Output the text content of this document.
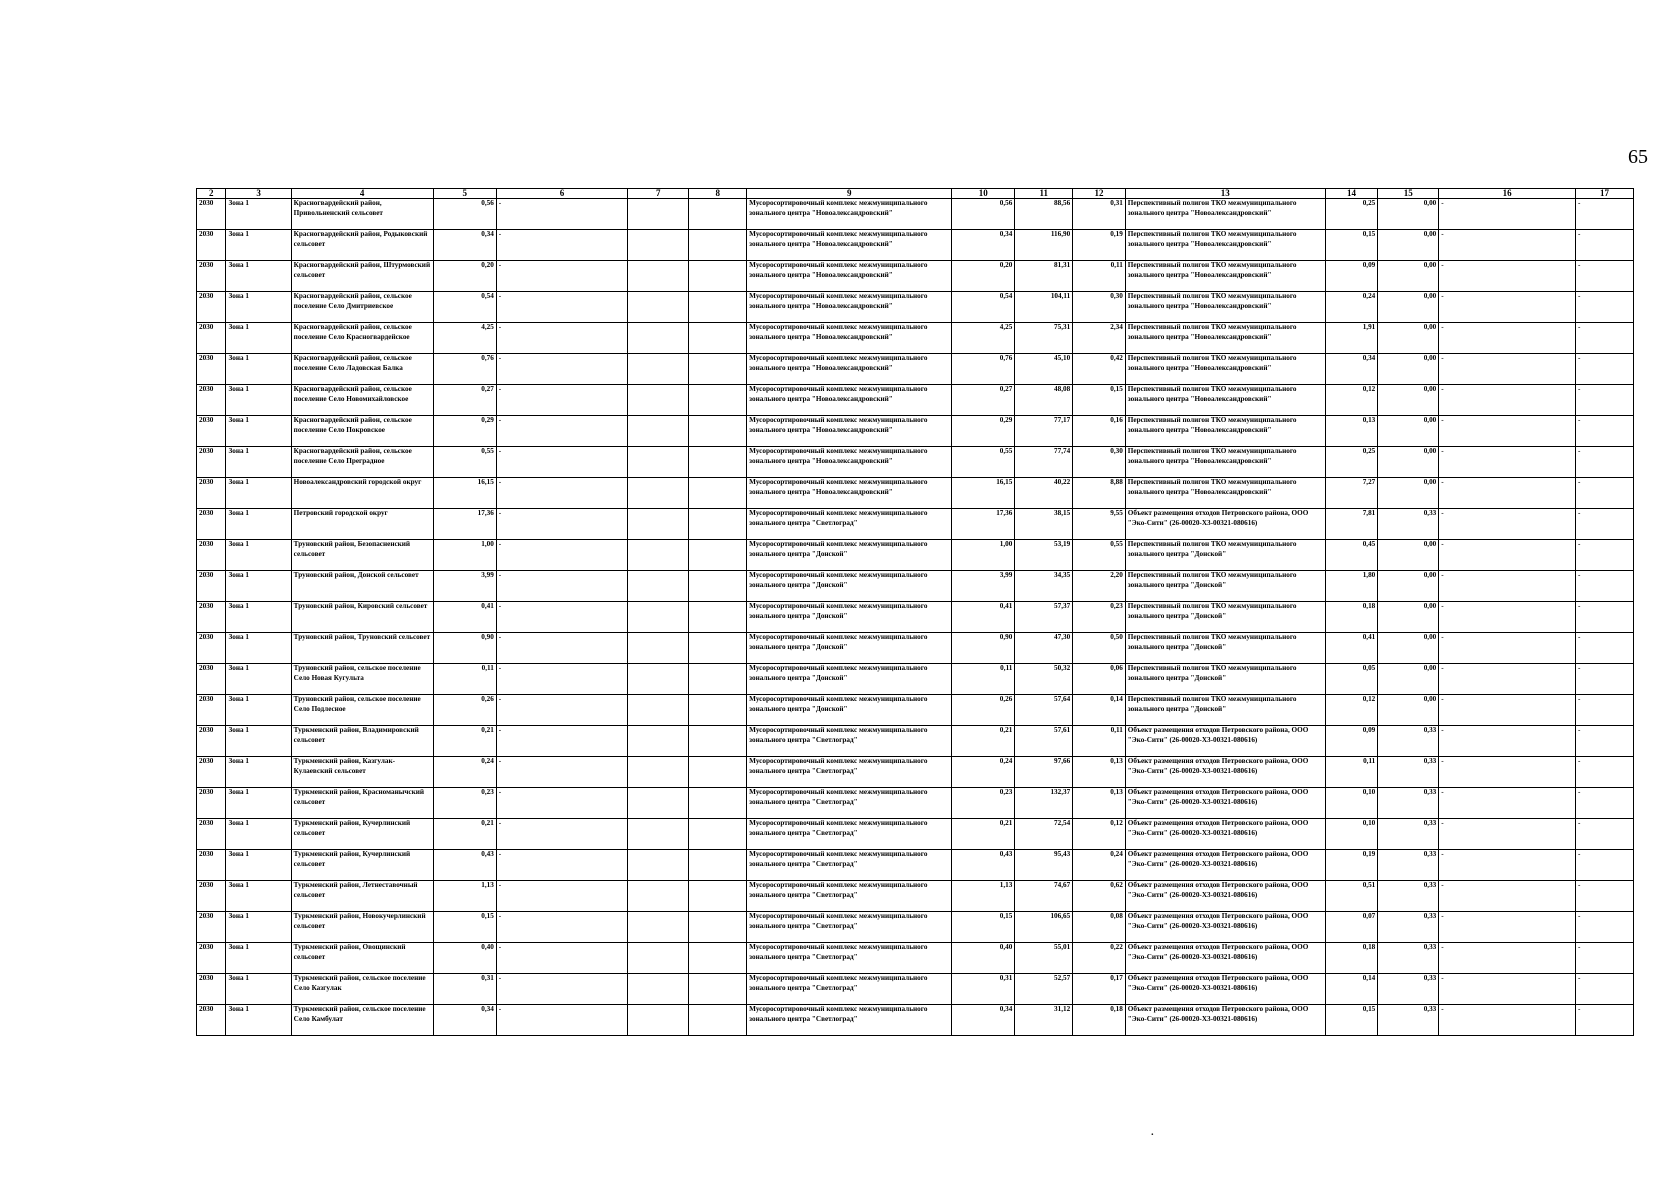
65
2	3	4	5	6	7	8	9	10	11	12	13	14	15	16	17
2030	Зона 1	Красногвардейский район, Привольненский сельсовет	0,56	-			Мусоросортировочный комплекс межмуниципального зонального центра "Новоалександровский"	0,56	88,56	0,31	Перспективный полигон ТКО межмуниципального зонального центра "Новоалександровский"	0,25	0,00	-	-
2030	Зона 1	Красногвардейский район, Родыковский сельсовет	0,34	-			Мусоросортировочный комплекс межмуниципального зонального центра "Новоалександровский"	0,34	116,90	0,19	Перспективный полигон ТКО межмуниципального зонального центра "Новоалександровский"	0,15	0,00	-	-
2030	Зона 1	Красногвардейский район, Штурмовский сельсовет	0,20	-			Мусоросортировочный комплекс межмуниципального зонального центра "Новоалександровский"	0,20	81,31	0,11	Перспективный полигон ТКО межмуниципального зонального центра "Новоалександровский"	0,09	0,00	-	-
2030	Зона 1	Красногвардейский район, сельское поселение Село Дмитриевское	0,54	-			Мусоросортировочный комплекс межмуниципального зонального центра "Новоалександровский"	0,54	104,11	0,30	Перспективный полигон ТКО межмуниципального зонального центра "Новоалександровский"	0,24	0,00	-	-
2030	Зона 1	Красногвардейский район, сельское поселение Село Красногвардейское	4,25	-			Мусоросортировочный комплекс межмуниципального зонального центра "Новоалександровский"	4,25	75,31	2,34	Перспективный полигон ТКО межмуниципального зонального центра "Новоалександровский"	1,91	0,00	-	-
2030	Зона 1	Красногвардейский район, сельское поселение Село Ладовская Балка	0,76	-			Мусоросортировочный комплекс межмуниципального зонального центра "Новоалександровский"	0,76	45,10	0,42	Перспективный полигон ТКО межмуниципального зонального центра "Новоалександровский"	0,34	0,00	-	-
2030	Зона 1	Красногвардейский район, сельское поселение Село Новомихайловское	0,27	-			Мусоросортировочный комплекс межмуниципального зонального центра "Новоалександровский"	0,27	48,08	0,15	Перспективный полигон ТКО межмуниципального зонального центра "Новоалександровский"	0,12	0,00	-	-
2030	Зона 1	Красногвардейский район, сельское поселение Село Покровское	0,29	-			Мусоросортировочный комплекс межмуниципального зонального центра "Новоалександровский"	0,29	77,17	0,16	Перспективный полигон ТКО межмуниципального зонального центра "Новоалександровский"	0,13	0,00	-	-
2030	Зона 1	Красногвардейский район, сельское поселение Село Преградное	0,55	-			Мусоросортировочный комплекс межмуниципального зонального центра "Новоалександровский"	0,55	77,74	0,30	Перспективный полигон ТКО межмуниципального зонального центра "Новоалександровский"	0,25	0,00	-	-
2030	Зона 1	Новоалександровский городской округ	16,15	-			Мусоросортировочный комплекс межмуниципального зонального центра "Новоалександровский"	16,15	40,22	8,88	Перспективный полигон ТКО межмуниципального зонального центра "Новоалександровский"	7,27	0,00	-	-
2030	Зона 1	Петровский городской округ	17,36	-			Мусоросортировочный комплекс межмуниципального зонального центра "Светлоград"	17,36	38,15	9,55	Объект размещения отходов Петровского района, ООО "Эко-Сити" (26-00020-Х3-00321-080616)	7,81	0,33	-	-
2030	Зона 1	Труновский район, Безопасненский сельсовет	1,00	-			Мусоросортировочный комплекс межмуниципального зонального центра "Донской"	1,00	53,19	0,55	Перспективный полигон ТКО межмуниципального зонального центра "Донской"	0,45	0,00	-	-
2030	Зона 1	Труновский район, Донской сельсовет	3,99	-			Мусоросортировочный комплекс межмуниципального зонального центра "Донской"	3,99	34,35	2,20	Перспективный полигон ТКО межмуниципального зонального центра "Донской"	1,80	0,00	-	-
2030	Зона 1	Труновский район, Кировский сельсовет	0,41	-			Мусоросортировочный комплекс межмуниципального зонального центра "Донской"	0,41	57,37	0,23	Перспективный полигон ТКО межмуниципального зонального центра "Донской"	0,18	0,00	-	-
2030	Зона 1	Труновский район, Труновский сельсовет	0,90	-			Мусоросортировочный комплекс межмуниципального зонального центра "Донской"	0,90	47,30	0,50	Перспективный полигон ТКО межмуниципального зонального центра "Донской"	0,41	0,00	-	-
2030	Зона 1	Труновский район, сельское поселение Село Новая Кугульта	0,11	-			Мусоросортировочный комплекс межмуниципального зонального центра "Донской"	0,11	50,32	0,06	Перспективный полигон ТКО межмуниципального зонального центра "Донской"	0,05	0,00	-	-
2030	Зона 1	Труновский район, сельское поселение Село Подлесное	0,26	-			Мусоросортировочный комплекс межмуниципального зонального центра "Донской"	0,26	57,64	0,14	Перспективный полигон ТКО межмуниципального зонального центра "Донской"	0,12	0,00	-	-
2030	Зона 1	Туркменский район, Владимировский сельсовет	0,21	-			Мусоросортировочный комплекс межмуниципального зонального центра "Светлоград"	0,21	57,61	0,11	Объект размещения отходов Петровского района, ООО "Эко-Сити" (26-00020-Х3-00321-080616)	0,09	0,33	-	-
2030	Зона 1	Туркменский район, Казгулак-Кулаевский сельсовет	0,24	-			Мусоросортировочный комплекс межмуниципального зонального центра "Светлоград"	0,24	97,66	0,13	Объект размещения отходов Петровского района, ООО "Эко-Сити" (26-00020-Х3-00321-080616)	0,11	0,33	-	-
2030	Зона 1	Туркменский район, Красноманычский сельсовет	0,23	-			Мусоросортировочный комплекс межмуниципального зонального центра "Светлоград"	0,23	132,37	0,13	Объект размещения отходов Петровского района, ООО "Эко-Сити" (26-00020-Х3-00321-080616)	0,10	0,33	-	-
2030	Зона 1	Туркменский район, Кучерлинский сельсовет	0,21	-			Мусоросортировочный комплекс межмуниципального зонального центра "Светлоград"	0,21	72,54	0,12	Объект размещения отходов Петровского района, ООО "Эко-Сити" (26-00020-Х3-00321-080616)	0,10	0,33	-	-
2030	Зона 1	Туркменский район, Кучерлинский сельсовет	0,43	-			Мусоросортировочный комплекс межмуниципального зонального центра "Светлоград"	0,43	95,43	0,24	Объект размещения отходов Петровского района, ООО "Эко-Сити" (26-00020-Х3-00321-080616)	0,19	0,33	-	-
2030	Зона 1	Туркменский район, Летнеставочный сельсовет	1,13	-			Мусоросортировочный комплекс межмуниципального зонального центра "Светлоград"	1,13	74,67	0,62	Объект размещения отходов Петровского района, ООО "Эко-Сити" (26-00020-Х3-00321-080616)	0,51	0,33	-	-
2030	Зона 1	Туркменский район, Новокучерлинский сельсовет	0,15	-			Мусоросортировочный комплекс межмуниципального зонального центра "Светлоград"	0,15	106,65	0,08	Объект размещения отходов Петровского района, ООО "Эко-Сити" (26-00020-Х3-00321-080616)	0,07	0,33	-	-
2030	Зона 1	Туркменский район, Овощинский сельсовет	0,40	-			Мусоросортировочный комплекс межмуниципального зонального центра "Светлоград"	0,40	55,01	0,22	Объект размещения отходов Петровского района, ООО "Эко-Сити" (26-00020-Х3-00321-080616)	0,18	0,33	-	-
2030	Зона 1	Туркменский район, сельское поселение Село Казгулак	0,31	-			Мусоросортировочный комплекс межмуниципального зонального центра "Светлоград"	0,31	52,57	0,17	Объект размещения отходов Петровского района, ООО "Эко-Сити" (26-00020-Х3-00321-080616)	0,14	0,33	-	-
2030	Зона 1	Туркменский район, сельское поселение Село Камбулат	0,34	-			Мусоросортировочный комплекс межмуниципального зонального центра "Светлоград"	0,34	31,12	0,18	Объект размещения отходов Петровского района, ООО "Эко-Сити" (26-00020-Х3-00321-080616)	0,15	0,33	-	-
·
